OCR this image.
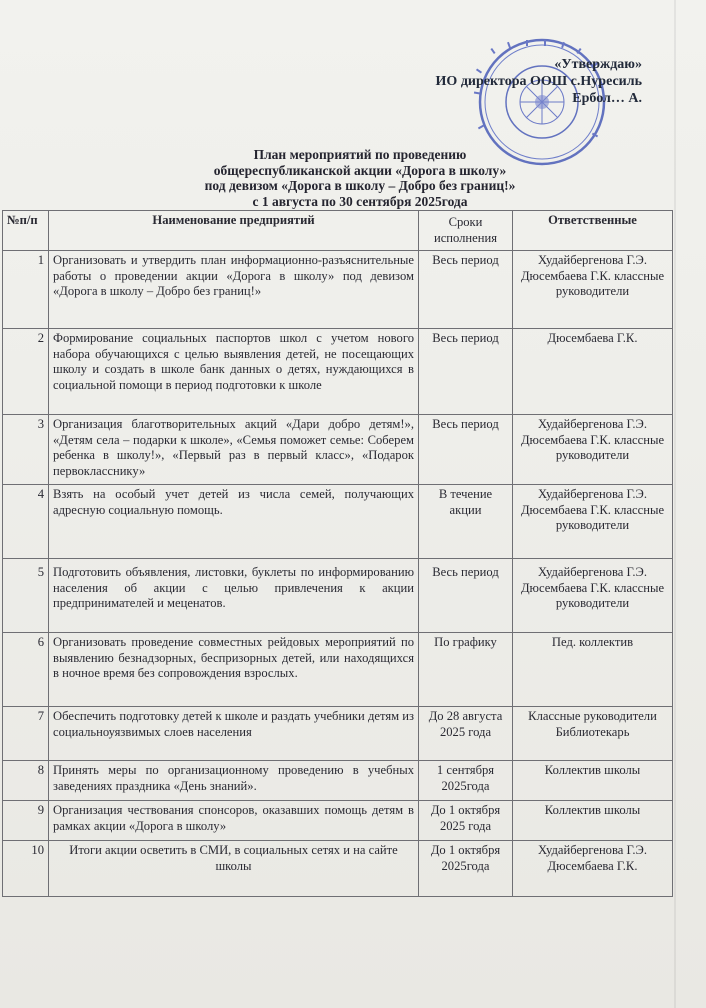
«Утверждаю»
ИО директора ООШ с.Нуресиль
Ербол… А.
План мероприятий по проведению
общереспубликанской акции «Дорога в школу»
под девизом «Дорога в школу – Добро без границ!»
с 1 августа по 30 сентября 2025года
№п/п	Наименование предприятий	Сроки исполнения	Ответственные
1	Организовать и утвердить план информационно-разъяснительные работы о проведении акции «Дорога в школу» под девизом «Дорога в школу – Добро без границ!»	Весь период	Худайбергенова Г.Э. Дюсембаева Г.К. классные руководители
2	Формирование социальных паспортов школ с учетом нового набора обучающихся с целью выявления детей, не посещающих школу и создать в школе банк данных о детях, нуждающихся в социальной помощи в период подготовки к школе	Весь период	Дюсембаева Г.К.
3	Организация благотворительных акций «Дари добро детям!», «Детям села – подарки к школе», «Семья поможет семье: Соберем ребенка в школу!», «Первый раз в первый класс», «Подарок первокласснику»	Весь период	Худайбергенова Г.Э. Дюсембаева Г.К. классные руководители
4	Взять на особый учет детей из числа семей, получающих адресную социальную помощь.	В течение акции	Худайбергенова Г.Э. Дюсембаева Г.К. классные руководители
5	Подготовить объявления, листовки, буклеты по информированию населения об акции с целью привлечения к акции предпринимателей и меценатов.	Весь период	Худайбергенова Г.Э. Дюсембаева Г.К. классные руководители
6	Организовать проведение совместных рейдовых мероприятий по выявлению безнадзорных, беспризорных детей, или находящихся в ночное время без сопровождения взрослых.	По графику	Пед. коллектив
7	Обеспечить подготовку детей к школе и раздать учебники детям из социальноуязвимых слоев населения	До 28 августа 2025 года	Классные руководители Библиотекарь
8	Принять меры по организационному проведению в учебных заведениях праздника «День знаний».	1 сентября 2025года	Коллектив школы
9	Организация чествования спонсоров, оказавших помощь детям в рамках акции «Дорога в школу»	До 1 октября 2025 года	Коллектив школы
10	Итоги акции осветить в СМИ, в социальных сетях и на сайте школы	До 1 октября 2025года	Худайбергенова Г.Э. Дюсембаева Г.К.
